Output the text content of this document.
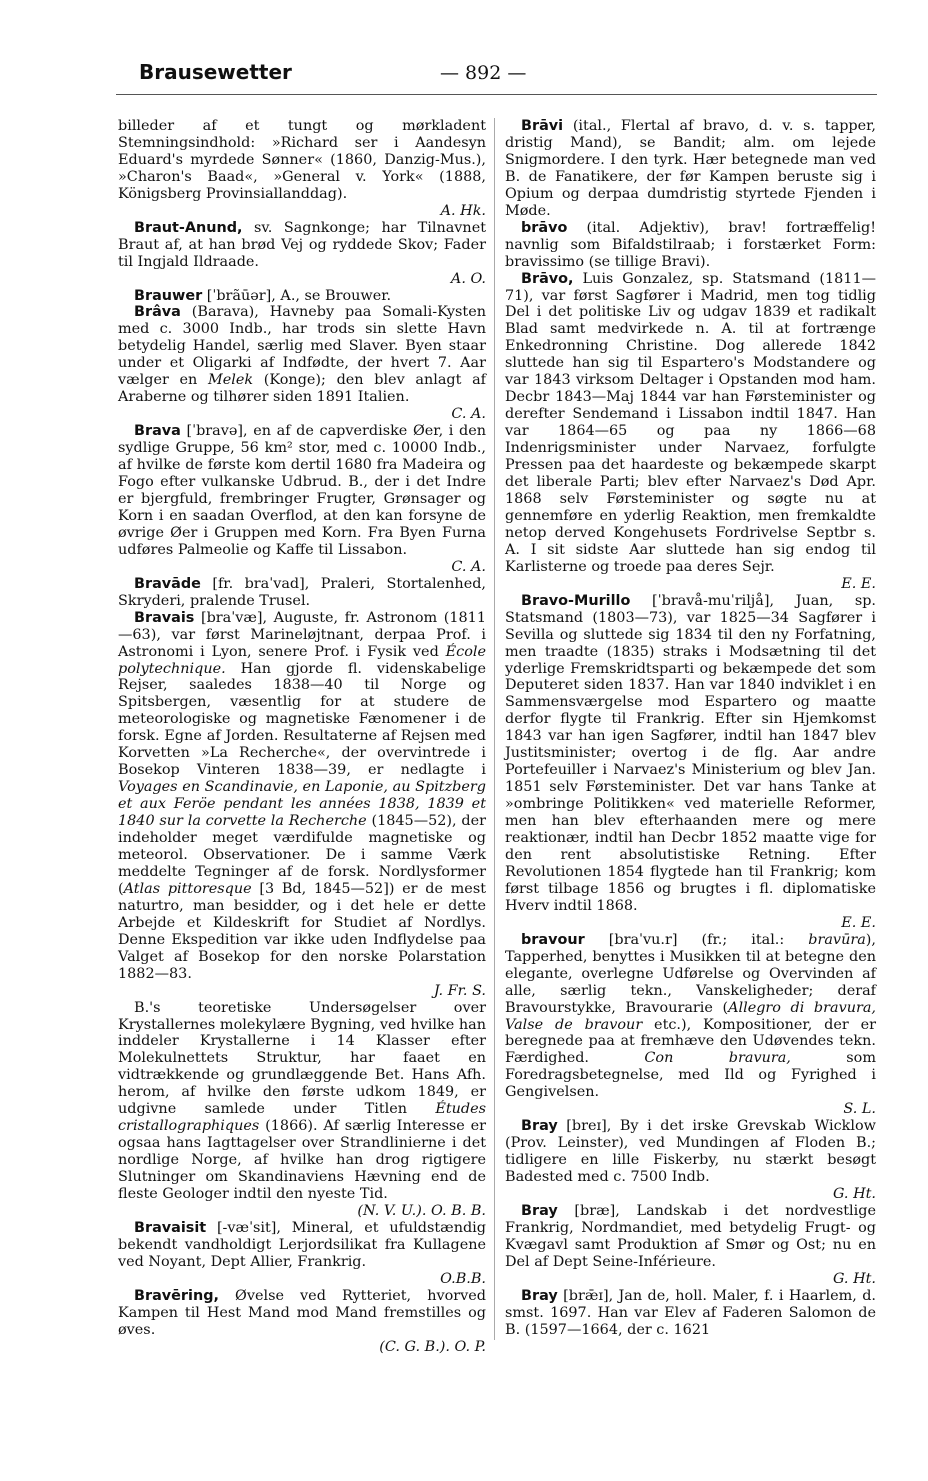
Brausewetter	— 892 —

billeder af et tungt og mørkladent Stemningsindhold: »Richard ser i Aandesyn Eduard's myrdede Sønner« (1860, Danzig-Mus.), »Charon's Baad«, »General v. York« (1888, Königsberg Provinsiallanddag).
A. Hk.

Braut-Anund, sv. Sagnkonge; har Tilnavnet Braut af, at han brød Vej og ryddede Skov; Fader til Ingjald Ildraade.
A. O.

Brauwer [ˈbrãūər], A., se Brouwer.

Brâva (Barava), Havneby paa Somali-Kysten med c. 3000 Indb., har trods sin slette Havn betydelig Handel, særlig med Slaver. Byen staar under et Oligarki af Indfødte, der hvert 7. Aar vælger en Melek (Konge); den blev anlagt af Araberne og tilhører siden 1891 Italien.
C. A.

Brava [ˈbravə], en af de capverdiske Øer, i den sydlige Gruppe, 56 km² stor, med c. 10000 Indb., af hvilke de første kom dertil 1680 fra Madeira og Fogo efter vulkanske Udbrud. B., der i det Indre er bjergfuld, frembringer Frugter, Grønsager og Korn i en saadan Overflod, at den kan forsyne de øvrige Øer i Gruppen med Korn. Fra Byen Furna udføres Palmeolie og Kaffe til Lissabon.
C. A.

Bravāde [fr. braˈvad], Praleri, Stortalenhed, Skryderi, pralende Trusel.

Bravais [braˈvæ], Auguste, fr. Astronom (1811—63), var først Marineløjtnant, derpaa Prof. i Astronomi i Lyon, senere Prof. i Fysik ved École polytechnique. Han gjorde fl. videnskabelige Rejser, saaledes 1838—40 til Norge og Spitsbergen, væsentlig for at studere de meteorologiske og magnetiske Fænomener i de forsk. Egne af Jorden. Resultaterne af Rejsen med Korvetten »La Recherche«, der overvintrede i Bosekop Vinteren 1838—39, er nedlagte i Voyages en Scandinavie, en Laponie, au Spitzberg et aux Feröe pendant les années 1838, 1839 et 1840 sur la corvette la Recherche (1845—52), der indeholder meget værdifulde magnetiske og meteorol. Observationer. De i samme Værk meddelte Tegninger af de forsk. Nordlysformer (Atlas pittoresque [3 Bd, 1845—52]) er de mest naturtro, man besidder, og i det hele er dette Arbejde et Kildeskrift for Studiet af Nordlys. Denne Ekspedition var ikke uden Indflydelse paa Valget af Bosekop for den norske Polarstation 1882—83.
J. Fr. S.

B.'s teoretiske Undersøgelser over Krystallernes molekylære Bygning, ved hvilke han inddeler Krystallerne i 14 Klasser efter Molekulnettets Struktur, har faaet en vidtrækkende og grundlæggende Bet. Hans Afh. herom, af hvilke den første udkom 1849, er udgivne samlede under Titlen Études cristallographiques (1866). Af særlig Interesse er ogsaa hans Iagttagelser over Strandlinierne i det nordlige Norge, af hvilke han drog rigtigere Slutninger om Skandinaviens Hævning end de fleste Geologer indtil den nyeste Tid.
(N. V. U.). O. B. B.

Bravaisit [-væˈsit], Mineral, et ufuldstændig bekendt vandholdigt Lerjordsilikat fra Kullagene ved Noyant, Dept Allier, Frankrig.
O.B.B.

Bravēring, Øvelse ved Rytteriet, hvorved Kampen til Hest Mand mod Mand fremstilles og øves.
(C. G. B.). O. P.

Brāvi (ital., Flertal af bravo, d. v. s. tapper, dristig Mand), se Bandit; alm. om lejede Snigmordere. I den tyrk. Hær betegnede man ved B. de Fanatikere, der før Kampen beruste sig i Opium og derpaa dumdristig styrtede Fjenden i Møde.

brāvo (ital. Adjektiv), brav! fortræffelig! navnlig som Bifaldstilraab; i forstærket Form: bravissimo (se tillige Bravi).

Brāvo, Luis Gonzalez, sp. Statsmand (1811—71), var først Sagfører i Madrid, men tog tidlig Del i det politiske Liv og udgav 1839 et radikalt Blad samt medvirkede n. A. til at fortrænge Enkedronning Christine. Dog allerede 1842 sluttede han sig til Espartero's Modstandere og var 1843 virksom Deltager i Opstanden mod ham. Decbr 1843—Maj 1844 var han Førsteminister og derefter Sendemand i Lissabon indtil 1847. Han var 1864—65 og paa ny 1866—68 Indenrigsminister under Narvaez, forfulgte Pressen paa det haardeste og bekæmpede skarpt det liberale Parti; blev efter Narvaez's Død Apr. 1868 selv Førsteminister og søgte nu at gennemføre en yderlig Reaktion, men fremkaldte netop derved Kongehusets Fordrivelse Septbr s. A. I sit sidste Aar sluttede han sig endog til Karlisterne og troede paa deres Sejr.
E. E.

Bravo-Murillo [ˈbravå-muˈriljå], Juan, sp. Statsmand (1803—73), var 1825—34 Sagfører i Sevilla og sluttede sig 1834 til den ny Forfatning, men traadte (1835) straks i Modsætning til det yderlige Fremskridtsparti og bekæmpede det som Deputeret siden 1837. Han var 1840 indviklet i en Sammensværgelse mod Espartero og maatte derfor flygte til Frankrig. Efter sin Hjemkomst 1843 var han igen Sagfører, indtil han 1847 blev Justitsminister; overtog i de flg. Aar andre Portefeuiller i Narvaez's Ministerium og blev Jan. 1851 selv Førsteminister. Det var hans Tanke at »ombringe Politikken« ved materielle Reformer, men han blev efterhaanden mere og mere reaktionær, indtil han Decbr 1852 maatte vige for den rent absolutistiske Retning. Efter Revolutionen 1854 flygtede han til Frankrig; kom først tilbage 1856 og brugtes i fl. diplomatiske Hverv indtil 1868.
E. E.

bravour [braˈvu.r] (fr.; ital.: bravūra), Tapperhed, benyttes i Musikken til at betegne den elegante, overlegne Udførelse og Overvinden af alle, særlig tekn., Vanskeligheder; deraf Bravourstykke, Bravourarie (Allegro di bravura, Valse de bravour etc.), Kompositioner, der er beregnede paa at fremhæve den Udøvendes tekn. Færdighed. Con bravura, som Foredragsbetegnelse, med Ild og Fyrighed i Gengivelsen.
S. L.

Bray [breɪ], By i det irske Grevskab Wicklow (Prov. Leinster), ved Mundingen af Floden B.; tidligere en lille Fiskerby, nu stærkt besøgt Badested med c. 7500 Indb.
G. Ht.

Bray [bræ], Landskab i det nordvestlige Frankrig, Nordmandiet, med betydelig Frugt- og Kvægavl samt Produktion af Smør og Ost; nu en Del af Dept Seine-Inférieure.
G. Ht.

Bray [brǣɪ], Jan de, holl. Maler, f. i Haarlem, d. smst. 1697. Han var Elev af Faderen Salomon de B. (1597—1664, der c. 1621
